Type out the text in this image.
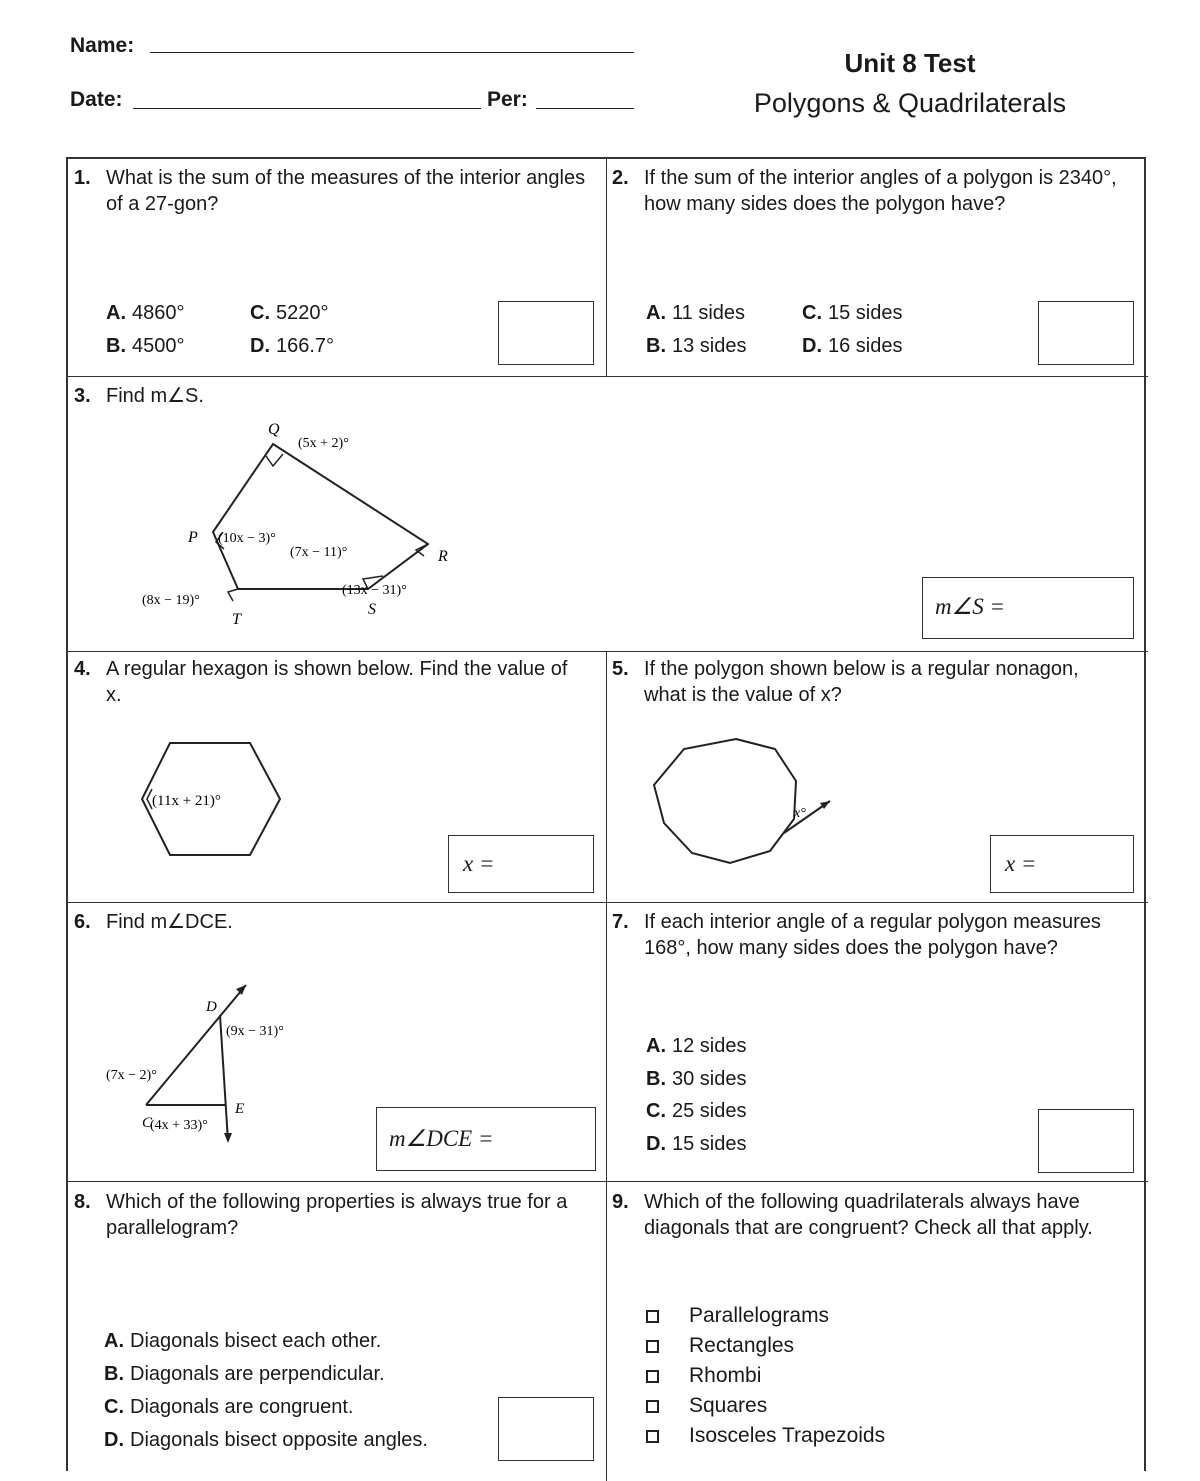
Name:
Date:	Per:
Unit 8 Test
Polygons & Quadrilaterals
1. What is the sum of the measures of the interior angles of a 27-gon?
A. 4860°
B. 4500°
C. 5220°
D. 166.7°
2. If the sum of the interior angles of a polygon is 2340°, how many sides does the polygon have?
A. 11 sides
B. 13 sides
C. 15 sides
D. 16 sides
3. Find m∠S.
Q
R
S
T
P
(5x + 2)°
(7x − 11)°
(13x − 31)°
(8x − 19)°
(10x − 3)°
m∠S =
4. A regular hexagon is shown below. Find the value of x.
(11x + 21)°
x =
5. If the polygon shown below is a regular nonagon, what is the value of x?
x°
x =
6. Find m∠DCE.
D
C
E
(9x − 31)°
(7x − 2)°
(4x + 33)°
m∠DCE =
7. If each interior angle of a regular polygon measures 168°, how many sides does the polygon have?
A. 12 sides
B. 30 sides
C. 25 sides
D. 15 sides
8. Which of the following properties is always true for a parallelogram?
A. Diagonals bisect each other.
B. Diagonals are perpendicular.
C. Diagonals are congruent.
D. Diagonals bisect opposite angles.
9. Which of the following quadrilaterals always have diagonals that are congruent? Check all that apply.
Parallelograms
Rectangles
Rhombi
Squares
Isosceles Trapezoids
